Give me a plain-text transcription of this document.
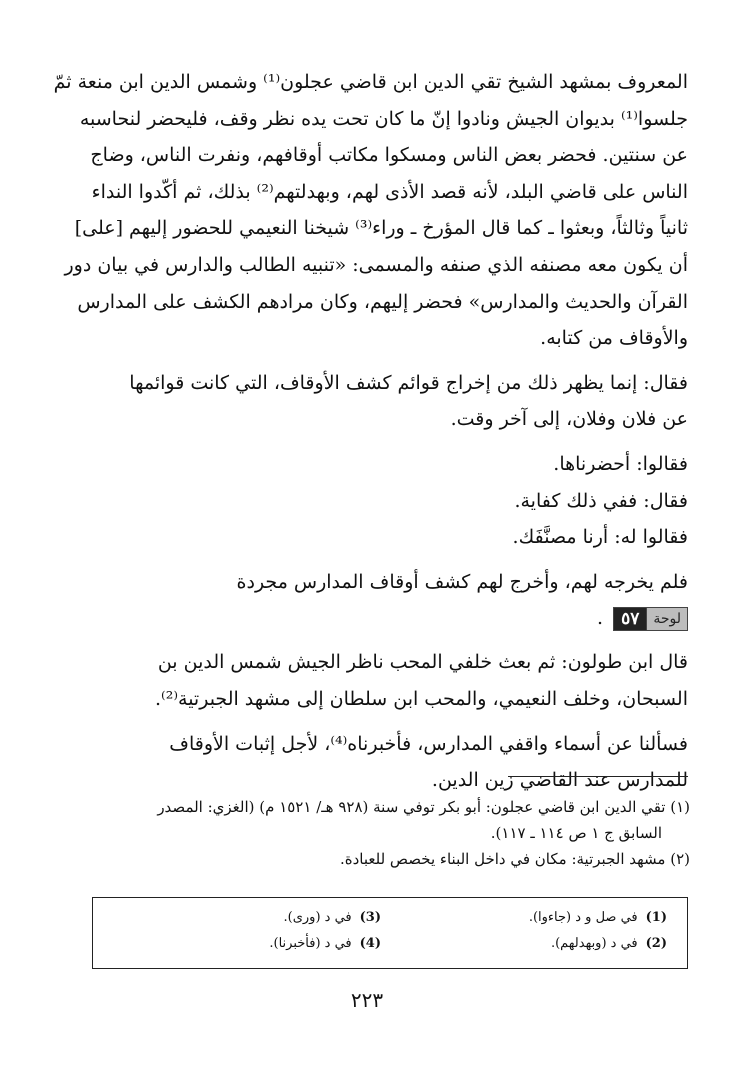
المعروف بمشهد الشيخ تقي الدين ابن قاضي عجلون⁽¹⁾ وشمس الدين ابن منعة ثمّ
جلسوا⁽¹⁾ بديوان الجيش ونادوا إنّ ما كان تحت يده نظر وقف، فليحضر لنحاسبه
عن سنتين. فحضر بعض الناس ومسكوا مكاتب أوقافهم، ونفرت الناس، وضاج
الناس على قاضي البلد، لأنه قصد الأذى لهم، وبهدلتهم⁽²⁾ بذلك، ثم أكّدوا النداء
ثانياً وثالثاً، وبعثوا ـ كما قال المؤرخ ـ وراء⁽³⁾ شيخنا النعيمي للحضور إليهم [على]
أن يكون معه مصنفه الذي صنفه والمسمى: «تنبيه الطالب والدارس في بيان دور
القرآن والحديث والمدارس» فحضر إليهم، وكان مرادهم الكشف على المدارس
والأوقاف من كتابه.
فقال: إنما يظهر ذلك من إخراج قوائم كشف الأوقاف، التي كانت قوائمها
عن فلان وفلان، إلى آخر وقت.
فقالوا: أحضرناها.
فقال: ففي ذلك كفاية.
فقالوا له: أرنا مصنَّفَك.
فلم يخرجه لهم، وأخرج لهم كشف أوقاف المدارس مجردة
لوحة
٥٧
.
قال ابن طولون: ثم بعث خلفي المحب ناظر الجيش شمس الدين بن
السبحان، وخلف النعيمي، والمحب ابن سلطان إلى مشهد الجبرتية⁽²⁾.
فسألنا عن أسماء واقفي المدارس، فأخبرناه⁽⁴⁾، لأجل إثبات الأوقاف
للمدارس عند القاضي زين الدين.
(١) تقي الدين ابن قاضي عجلون: أبو بكر توفي سنة (٩٢٨ هـ/ ١٥٢١ م) (الغزي: المصدر
السابق ج ١ ص ١١٤ ـ ١١٧).
(٢) مشهد الجبرتية: مكان في داخل البناء يخصص للعبادة.
(1)في صل و د (جاءوا).
(2)في د (وبهدلهم).
(3)في د (ورى).
(4)في د (فأخبرنا).
٢٢٣
